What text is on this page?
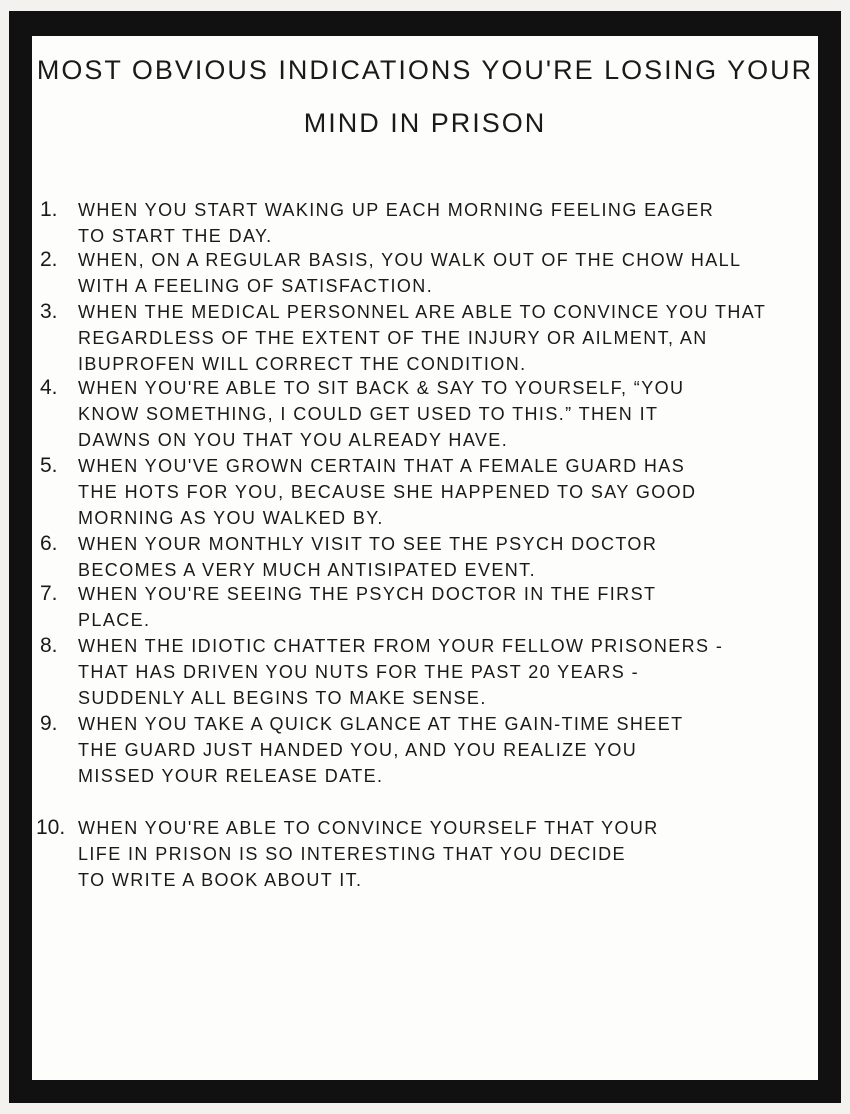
MOST OBVIOUS INDICATIONS YOU'RE LOSING YOUR
MIND IN PRISON
1. WHEN YOU START WAKING UP EACH MORNING FEELING EAGER
TO START THE DAY.
2. WHEN, ON A REGULAR BASIS, YOU WALK OUT OF THE CHOW HALL
WITH A FEELING OF SATISFACTION.
3. WHEN THE MEDICAL PERSONNEL ARE ABLE TO CONVINCE YOU THAT
REGARDLESS OF THE EXTENT OF THE INJURY OR AILMENT, AN
IBUPROFEN WILL CORRECT THE CONDITION.
4. WHEN YOU'RE ABLE TO SIT BACK & SAY TO YOURSELF, “YOU
KNOW SOMETHING, I COULD GET USED TO THIS.” THEN IT
DAWNS ON YOU THAT YOU ALREADY HAVE.
5. WHEN YOU'VE GROWN CERTAIN THAT A FEMALE GUARD HAS
THE HOTS FOR YOU, BECAUSE SHE HAPPENED TO SAY GOOD
MORNING AS YOU WALKED BY.
6. WHEN YOUR MONTHLY VISIT TO SEE THE PSYCH DOCTOR
BECOMES A VERY MUCH ANTISIPATED EVENT.
7. WHEN YOU'RE SEEING THE PSYCH DOCTOR IN THE FIRST
PLACE.
8. WHEN THE IDIOTIC CHATTER FROM YOUR FELLOW PRISONERS -
THAT HAS DRIVEN YOU NUTS FOR THE PAST 20 YEARS -
SUDDENLY ALL BEGINS TO MAKE SENSE.
9. WHEN YOU TAKE A QUICK GLANCE AT THE GAIN-TIME SHEET
THE GUARD JUST HANDED YOU, AND YOU REALIZE YOU
MISSED YOUR RELEASE DATE.
10. WHEN YOU'RE ABLE TO CONVINCE YOURSELF THAT YOUR
LIFE IN PRISON IS SO INTERESTING THAT YOU DECIDE
TO WRITE A BOOK ABOUT IT.
